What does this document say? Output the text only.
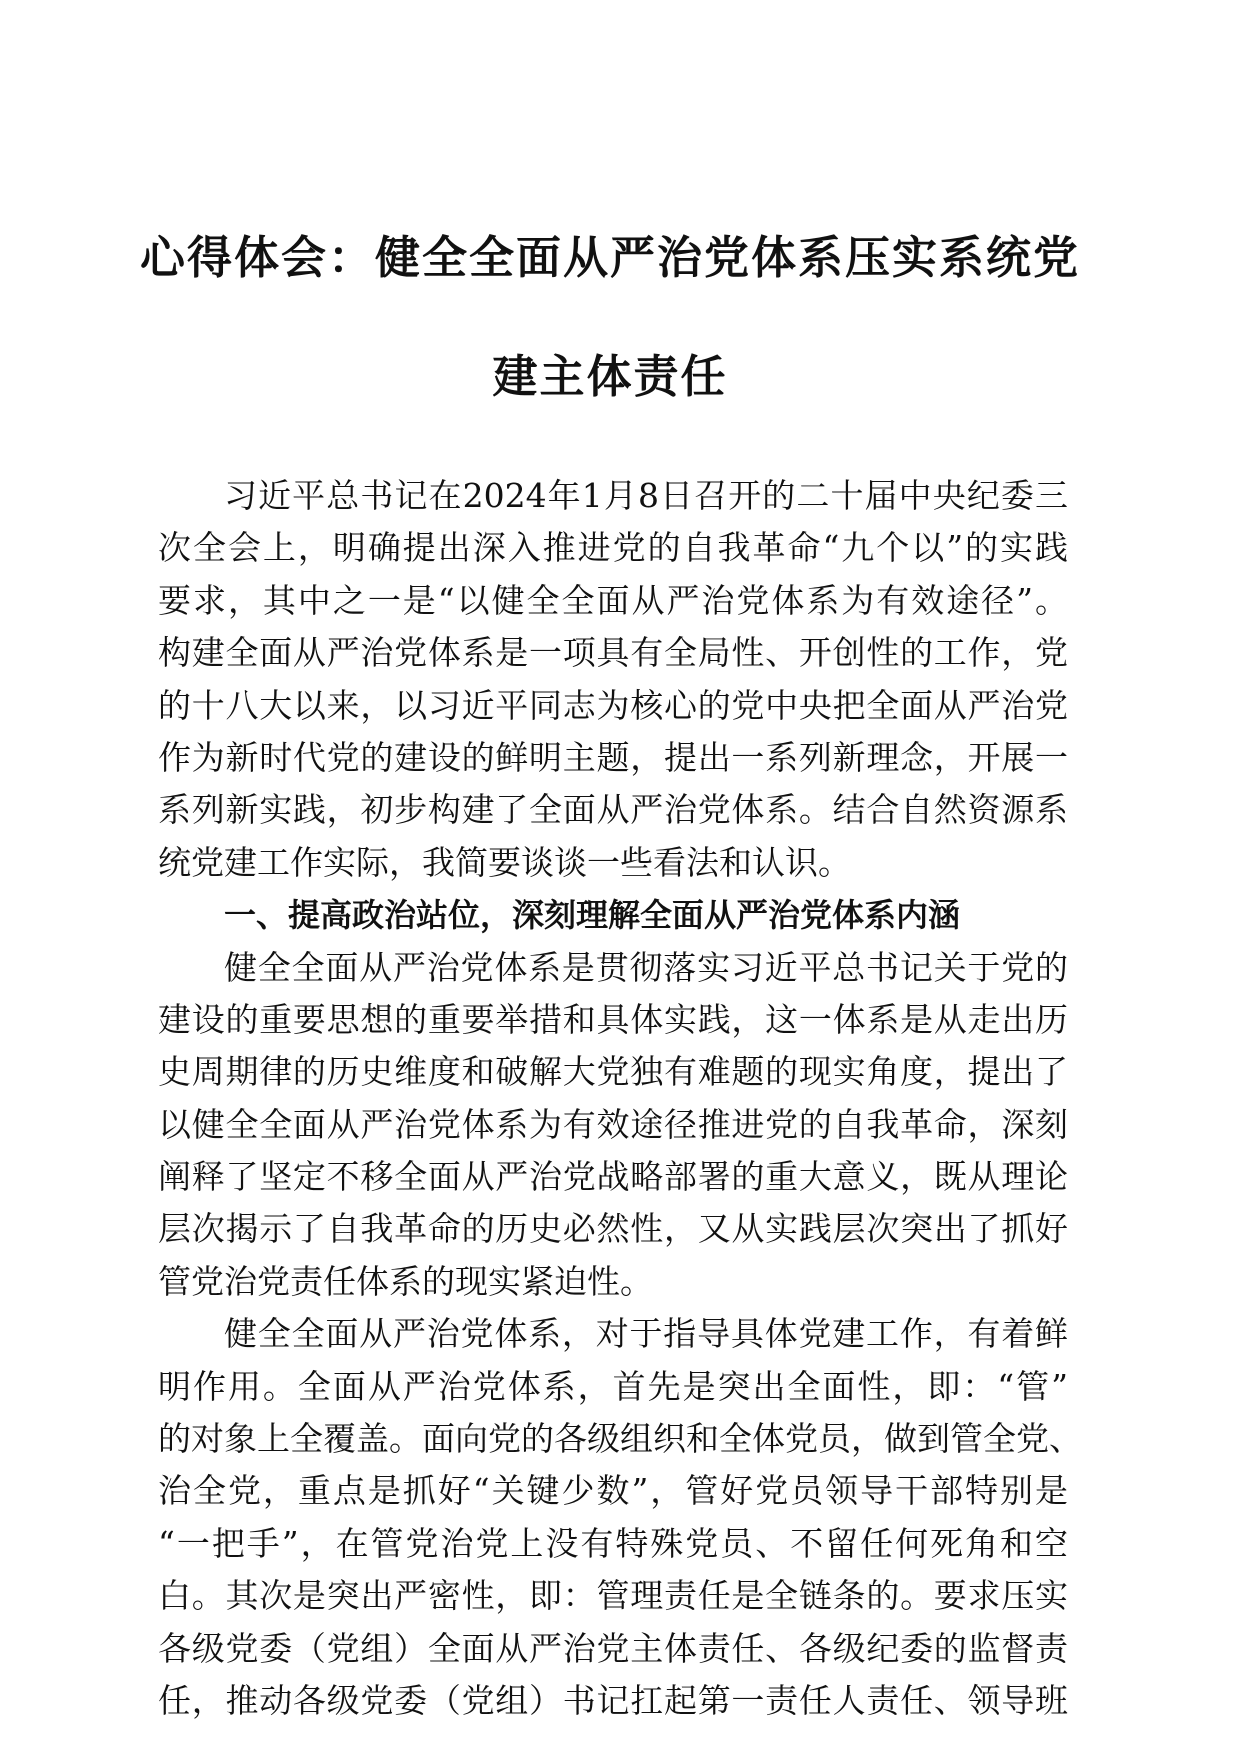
心得体会：健全全面从严治党体系压实系统党
建主体责任
习近平总书记在2024年1月8日召开的二十届中央纪委三
次全会上，明确提出深入推进党的自我革命“九个以”的实践
要求，其中之一是“以健全全面从严治党体系为有效途径”。
构建全面从严治党体系是一项具有全局性、开创性的工作，党
的十八大以来，以习近平同志为核心的党中央把全面从严治党
作为新时代党的建设的鲜明主题，提出一系列新理念，开展一
系列新实践，初步构建了全面从严治党体系。结合自然资源系
统党建工作实际，我简要谈谈一些看法和认识。
一、提高政治站位，深刻理解全面从严治党体系内涵
健全全面从严治党体系是贯彻落实习近平总书记关于党的
建设的重要思想的重要举措和具体实践，这一体系是从走出历
史周期律的历史维度和破解大党独有难题的现实角度，提出了
以健全全面从严治党体系为有效途径推进党的自我革命，深刻
阐释了坚定不移全面从严治党战略部署的重大意义，既从理论
层次揭示了自我革命的历史必然性，又从实践层次突出了抓好
管党治党责任体系的现实紧迫性。
健全全面从严治党体系，对于指导具体党建工作，有着鲜
明作用。全面从严治党体系，首先是突出全面性，即：“管”
的对象上全覆盖。面向党的各级组织和全体党员，做到管全党、
治全党，重点是抓好“关键少数”，管好党员领导干部特别是
“一把手”，在管党治党上没有特殊党员、不留任何死角和空
白。其次是突出严密性，即：管理责任是全链条的。要求压实
各级党委（党组）全面从严治党主体责任、各级纪委的监督责
任，推动各级党委（党组）书记扛起第一责任人责任、领导班
